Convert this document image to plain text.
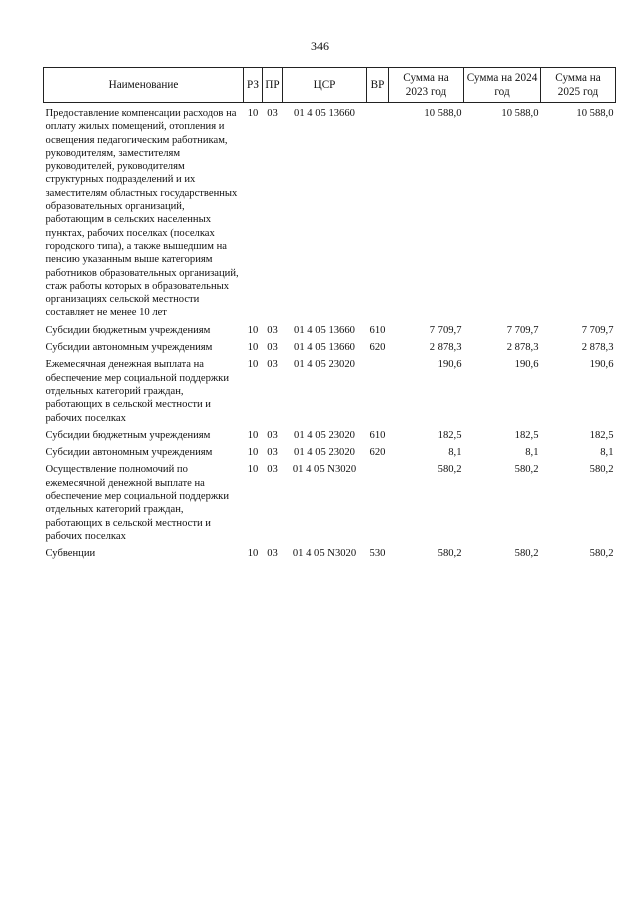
346
Наименование	РЗ	ПР	ЦСР	ВР	Сумма на 2023 год	Сумма на 2024 год	Сумма на 2025 год

Предоставление компенсации расходов на оплату жилых помещений, отопления и освещения педагогическим работникам, руководителям, заместителям руководителей, руководителям структурных подразделений и их заместителям областных государственных образовательных организаций, работающим в сельских населенных пунктах, рабочих поселках (поселках городского типа), а также вышедшим на пенсию указанным выше категориям работников образовательных организаций, стаж работы которых в образовательных организациях сельской местности составляет не менее 10 лет	10	03	01 4 05 13660		10 588,0	10 588,0	10 588,0

Субсидии бюджетным учреждениям	10	03	01 4 05 13660	610	7 709,7	7 709,7	7 709,7

Субсидии автономным учреждениям	10	03	01 4 05 13660	620	2 878,3	2 878,3	2 878,3

Ежемесячная денежная выплата на обеспечение мер социальной поддержки отдельных категорий граждан, работающих в сельской местности и рабочих поселках	10	03	01 4 05 23020		190,6	190,6	190,6

Субсидии бюджетным учреждениям	10	03	01 4 05 23020	610	182,5	182,5	182,5

Субсидии автономным учреждениям	10	03	01 4 05 23020	620	8,1	8,1	8,1

Осуществление полномочий по ежемесячной денежной выплате на обеспечение мер социальной поддержки отдельных категорий граждан, работающих в сельской местности и рабочих поселках	10	03	01 4 05 N3020		580,2	580,2	580,2

Субвенции	10	03	01 4 05 N3020	530	580,2	580,2	580,2
